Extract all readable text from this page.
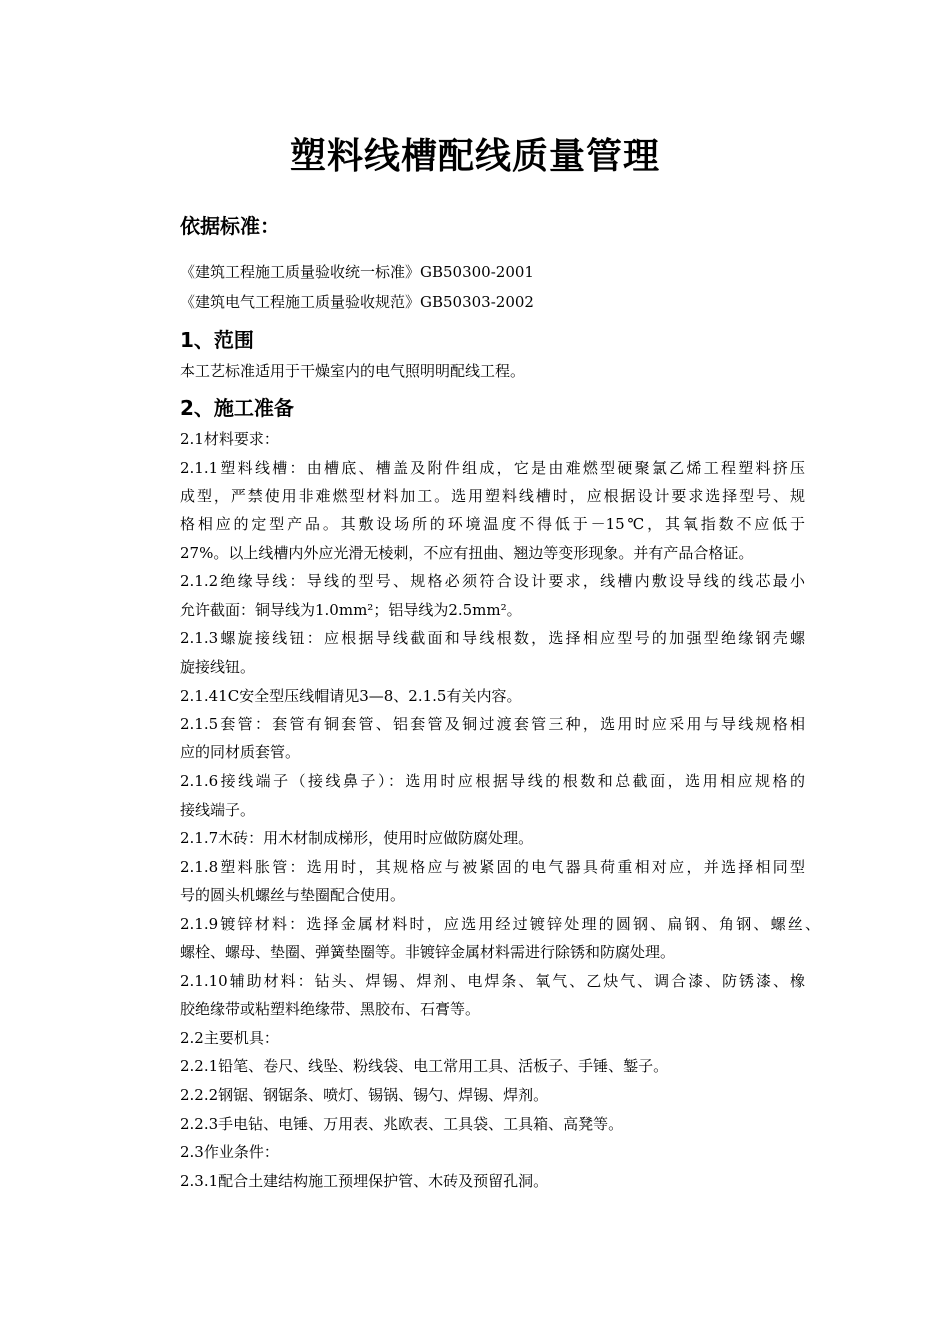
塑料线槽配线质量管理
依据标准：
《建筑工程施工质量验收统一标准》GB50300-2001
《建筑电气工程施工质量验收规范》GB50303-2002
1、范围
本工艺标准适用于干燥室内的电气照明明配线工程。
2、施工准备
2.1材料要求：
2.1.1塑料线槽：由槽底、槽盖及附件组成，它是由难燃型硬聚氯乙烯工程塑料挤压
成型，严禁使用非难燃型材料加工。选用塑料线槽时，应根据设计要求选择型号、规
格相应的定型产品。其敷设场所的环境温度不得低于－15℃，其氧指数不应低于
27%。以上线槽内外应光滑无棱刺，不应有扭曲、翘边等变形现象。并有产品合格证。
2.1.2绝缘导线：导线的型号、规格必须符合设计要求，线槽内敷设导线的线芯最小
允许截面：铜导线为1.0mm²；铝导线为2.5mm²。
2.1.3螺旋接线钮：应根据导线截面和导线根数，选择相应型号的加强型绝缘钢壳螺
旋接线钮。
2.1.41C安全型压线帽请见3—8、2.1.5有关内容。
2.1.5套管：套管有铜套管、铝套管及铜过渡套管三种，选用时应采用与导线规格相
应的同材质套管。
2.1.6接线端子（接线鼻子）：选用时应根据导线的根数和总截面，选用相应规格的
接线端子。
2.1.7木砖：用木材制成梯形，使用时应做防腐处理。
2.1.8塑料胀管：选用时，其规格应与被紧固的电气器具荷重相对应，并选择相同型
号的圆头机螺丝与垫圈配合使用。
2.1.9镀锌材料：选择金属材料时，应选用经过镀锌处理的圆钢、扁钢、角钢、螺丝、
螺栓、螺母、垫圈、弹簧垫圈等。非镀锌金属材料需进行除锈和防腐处理。
2.1.10辅助材料：钻头、焊锡、焊剂、电焊条、氧气、乙炔气、调合漆、防锈漆、橡
胶绝缘带或粘塑料绝缘带、黑胶布、石膏等。
2.2主要机具：
2.2.1铅笔、卷尺、线坠、粉线袋、电工常用工具、活板子、手锤、錾子。
2.2.2钢锯、钢锯条、喷灯、锡锅、锡勺、焊锡、焊剂。
2.2.3手电钻、电锤、万用表、兆欧表、工具袋、工具箱、高凳等。
2.3作业条件：
2.3.1配合土建结构施工预埋保护管、木砖及预留孔洞。
